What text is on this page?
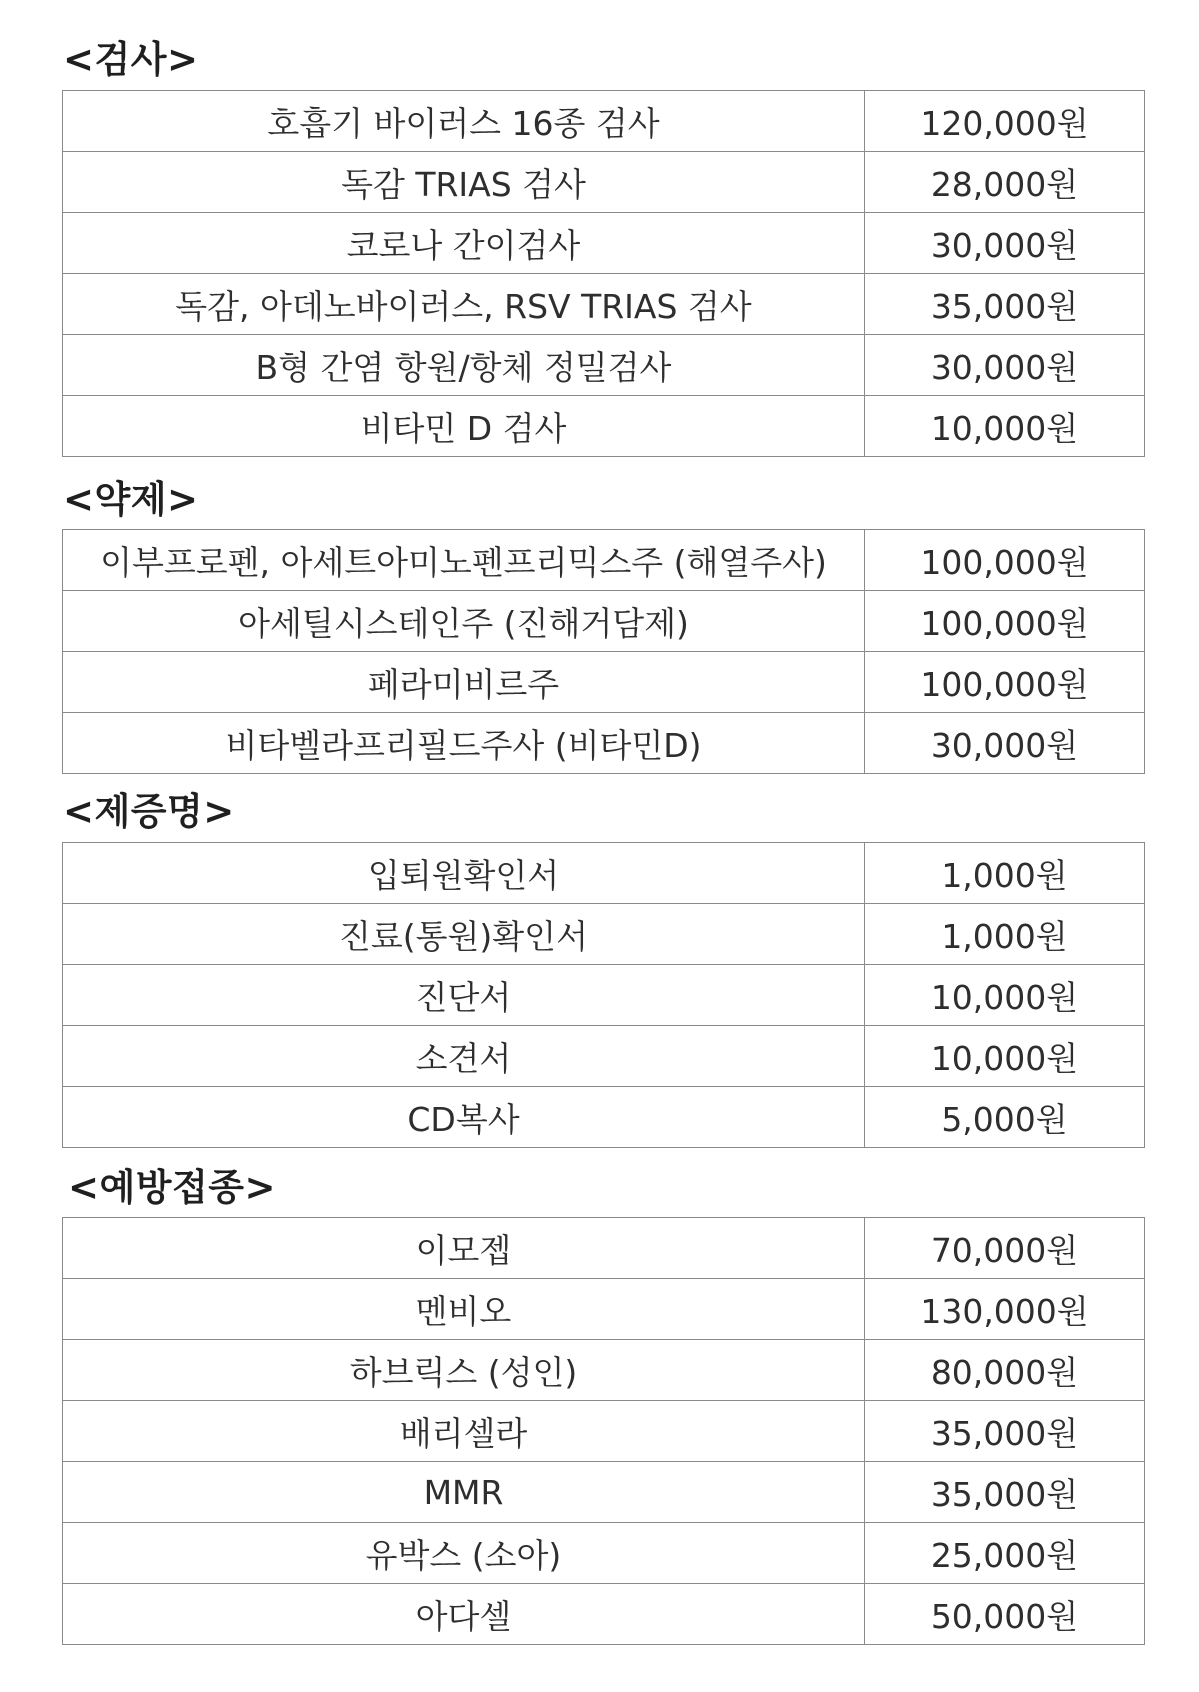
<검사>
호흡기 바이러스 16종 검사	120,000원
독감 TRIAS 검사	28,000원
코로나 간이검사	30,000원
독감, 아데노바이러스, RSV TRIAS 검사	35,000원
B형 간염 항원/항체 정밀검사	30,000원
비타민 D 검사	10,000원
<약제>
이부프로펜, 아세트아미노펜프리믹스주 (해열주사)	100,000원
아세틸시스테인주 (진해거담제)	100,000원
페라미비르주	100,000원
비타벨라프리필드주사 (비타민D)	30,000원
<제증명>
입퇴원확인서	1,000원
진료(통원)확인서	1,000원
진단서	10,000원
소견서	10,000원
CD복사	5,000원
<예방접종>
이모젭	70,000원
멘비오	130,000원
하브릭스 (성인)	80,000원
배리셀라	35,000원
MMR	35,000원
유박스 (소아)	25,000원
아다셀	50,000원
